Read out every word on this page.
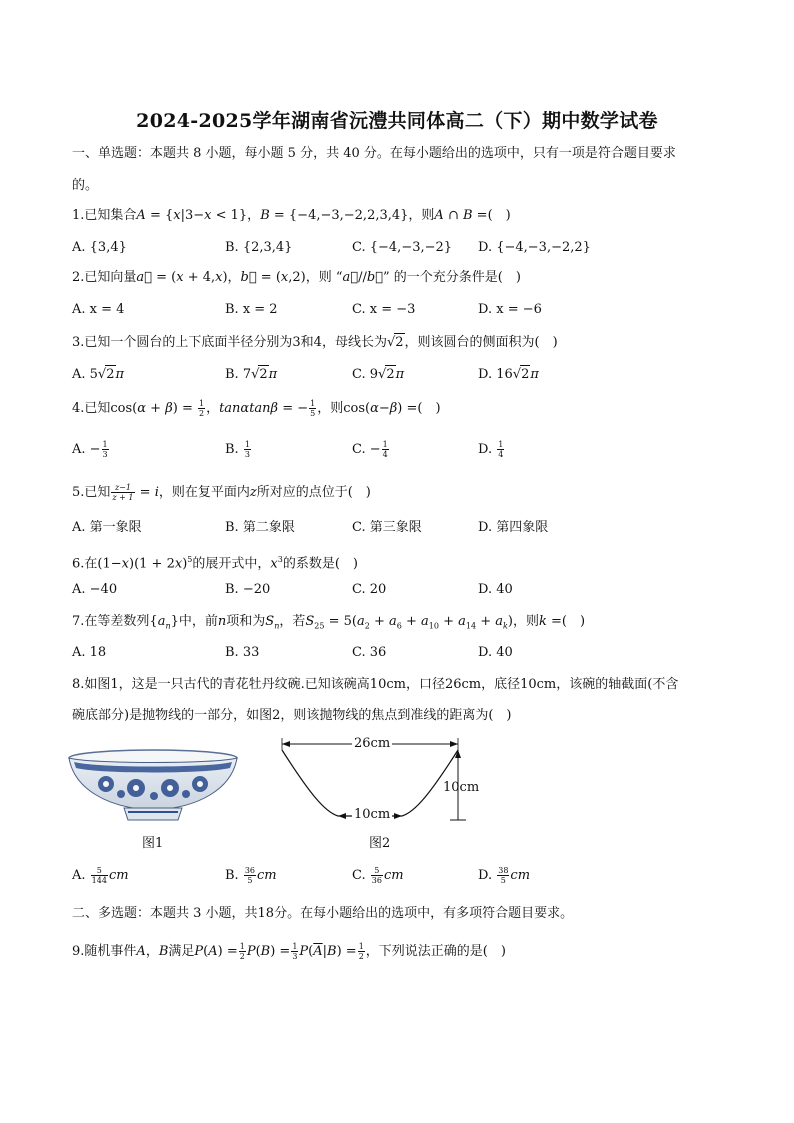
2024-2025学年湖南省沅澧共同体高二（下）期中数学试卷
一、单选题：本题共 8 小题，每小题 5 分，共 40 分。在每小题给出的选项中，只有一项是符合题目要求
的。
1.已知集合A = {x|3−x < 1}，B = {−4,−3,−2,2,3,4}，则A ∩ B =(　)
A. {3,4}	B. {2,3,4}	C. {−4,−3,−2} D. {−4,−3,−2,2}
2.已知向量a⃗ = (x + 4,x)，b⃗ = (x,2)，则 “a⃗//b⃗” 的一个充分条件是(　)
A. x = 4	B. x = 2	C. x = −3	D. x = −6
3.已知一个圆台的上下底面半径分别为3和4，母线长为√2，则该圆台的侧面积为(　)
A. 5√2π	B. 7√2π	C. 9√2π	D. 16√2π
4.已知$\cos(\alpha + \beta) = \frac{1}{2}$ ，tanαtanβ = − $\frac{1}{5}$ ，则cos(α−β) =(　)
A. − $\frac{1}{3}$	B. $\frac{1}{3}$	C. − $\frac{1}{4}$	D. $\frac{1}{4}$
5.已知 $\frac{z-1}{z + 1} = i$，则在复平面内z所对应的点位于(　)
A. 第一象限	B. 第二象限	C. 第三象限	D. 第四象限
6.在$(1-x)(1 + 2x)^5$的展开式中，$x^3$的系数是(　)
A. −40	B. −20	C. 20	D. 40
7.在等差数列$\{a_n\}$中，前n项和为$S_n$，若$S_{25} = 5(a_2 + a_6 + a_{10} + a_{14} + a_k)$，则k =(　)
A. 18	B. 33	C. 36	D. 40
8.如图1，这是一只古代的青花牡丹纹碗.已知该碗高10cm，口径26cm，底径10cm，该碗的轴截面(不含
碗底部分)是抛物线的一部分，如图2，则该抛物线的焦点到准线的距离为(　)
图1
26cm
10cm
10cm
图2
A. $\frac{5}{144}$ cm	B. $\frac{36}{5}$ cm	C. $\frac{5}{36}$ cm	D. $\frac{38}{5}$ cm
二、多选题：本题共 3 小题，共18分。在每小题给出的选项中，有多项符合题目要求。
9.随机事件A，B满足$P(A) = \frac{1}{2} P(B) = \frac{1}{3} P(\overline{A}|B) = \frac{1}{2}$ ，下列说法正确的是(　)
